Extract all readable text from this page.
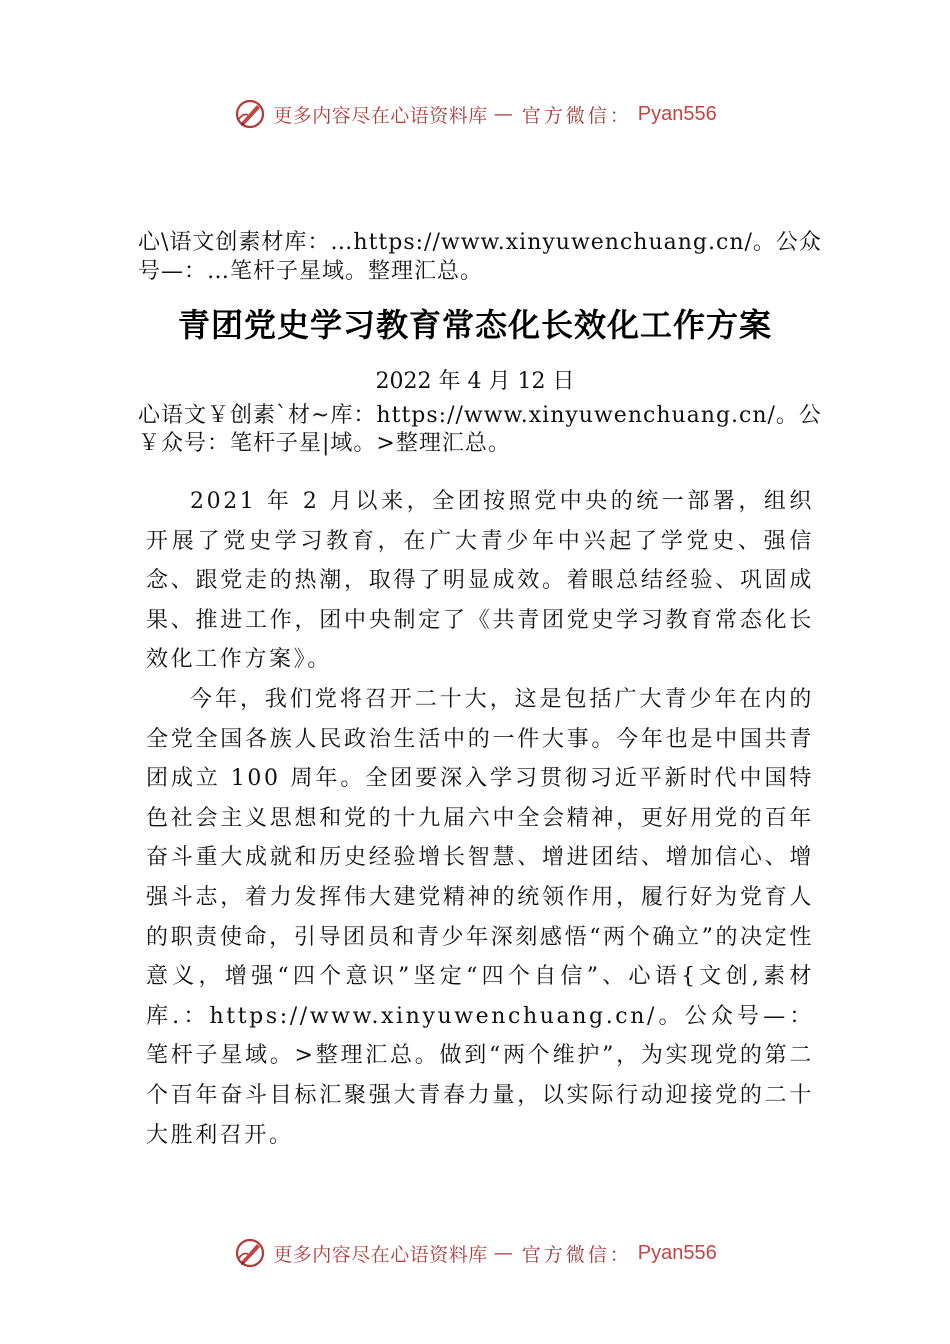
更多内容尽在心语资料库 — 官方微信： Pyan556
心\语文创素材库：…https://www.xinyuwenchuang.cn/。公众
号—：…笔杆子星域。整理汇总。
青团党史学习教育常态化长效化工作方案
2022 年 4 月 12 日
心语文￥创素`材~库：https://www.xinyuwenchuang.cn/。公
￥众号：笔杆子星|域。>整理汇总。

2021 年 2 月以来，全团按照党中央的统一部署，组织开展了党史学习教育，在广大青少年中兴起了学党史、强信念、跟党走的热潮，取得了明显成效。着眼总结经验、巩固成果、推进工作，团中央制定了《共青团党史学习教育常态化长效化工作方案》。

今年，我们党将召开二十大，这是包括广大青少年在内的全党全国各族人民政治生活中的一件大事。今年也是中国共青团成立 100 周年。全团要深入学习贯彻习近平新时代中国特色社会主义思想和党的十九届六中全会精神，更好用党的百年奋斗重大成就和历史经验增长智慧、增进团结、增加信心、增强斗志，着力发挥伟大建党精神的统领作用，履行好为党育人的职责使命，引导团员和青少年深刻感悟“两个确立”的决定性意义，增强“四个意识”坚定“四个自信”、心语{文创,素材库.：https://www.xinyuwenchuang.cn/。公众号—：笔杆子星域。>整理汇总。做到“两个维护”，为实现党的第二个百年奋斗目标汇聚强大青春力量，以实际行动迎接党的二十大胜利召开。

更多内容尽在心语资料库 — 官方微信： Pyan556
